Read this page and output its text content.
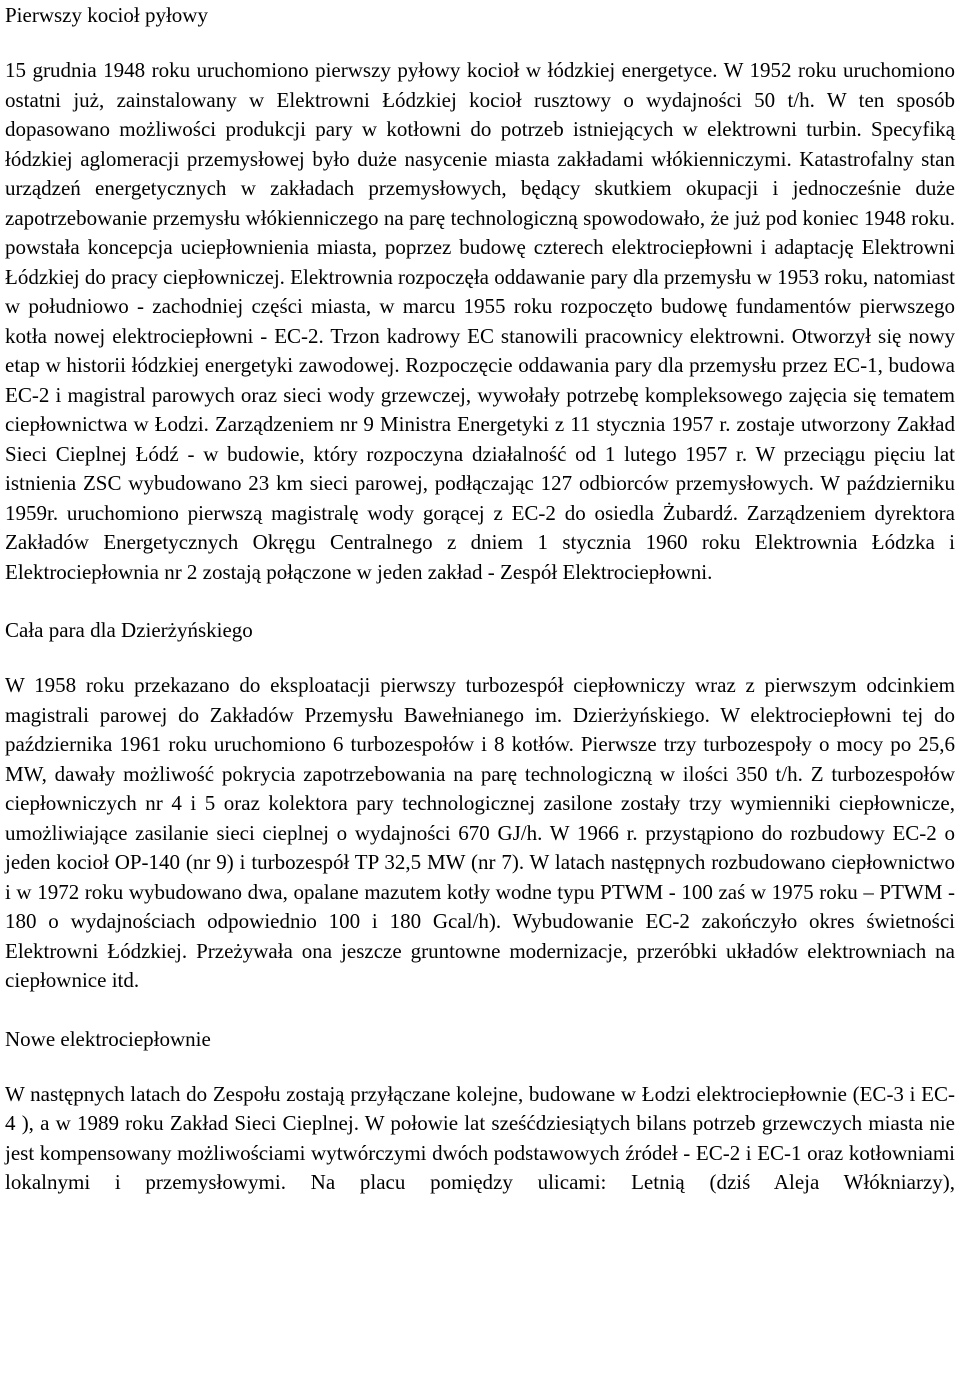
Pierwszy kocioł pyłowy

15 grudnia 1948 roku uruchomiono pierwszy pyłowy kocioł w łódzkiej energetyce. W 1952 roku uruchomiono ostatni już, zainstalowany w Elektrowni Łódzkiej kocioł rusztowy o wydajności 50 t/h. W ten sposób dopasowano możliwości produkcji pary w kotłowni do potrzeb istniejących w elektrowni turbin. Specyfiką łódzkiej aglomeracji przemysłowej było duże nasycenie miasta zakładami włókienniczymi. Katastrofalny stan urządzeń energetycznych w zakładach przemysłowych, będący skutkiem okupacji i jednocześnie duże zapotrzebowanie przemysłu włókienniczego na parę technologiczną spowodowało, że już pod koniec 1948 roku. powstała koncepcja uciepłownienia miasta, poprzez budowę czterech elektrociepłowni i adaptację Elektrowni Łódzkiej do pracy ciepłowniczej. Elektrownia rozpoczęła oddawanie pary dla przemysłu w 1953 roku, natomiast w południowo - zachodniej części miasta, w marcu 1955 roku rozpoczęto budowę fundamentów pierwszego kotła nowej elektrociepłowni - EC-2. Trzon kadrowy EC stanowili pracownicy elektrowni. Otworzył się nowy etap w historii łódzkiej energetyki zawodowej. Rozpoczęcie oddawania pary dla przemysłu przez EC-1, budowa EC-2 i magistral parowych oraz sieci wody grzewczej, wywołały potrzebę kompleksowego zajęcia się tematem ciepłownictwa w Łodzi. Zarządzeniem nr 9 Ministra Energetyki z 11 stycznia 1957 r. zostaje utworzony Zakład Sieci Cieplnej Łódź - w budowie, który rozpoczyna działalność od 1 lutego 1957 r. W przeciągu pięciu lat istnienia ZSC wybudowano 23 km sieci parowej, podłączając 127 odbiorców przemysłowych. W październiku 1959r. uruchomiono pierwszą magistralę wody gorącej z EC-2 do osiedla Żubardź. Zarządzeniem dyrektora Zakładów Energetycznych Okręgu Centralnego z dniem 1 stycznia 1960 roku Elektrownia Łódzka i Elektrociepłownia nr 2 zostają połączone w jeden zakład - Zespół Elektrociepłowni.

Cała para dla Dzierżyńskiego

W 1958 roku przekazano do eksploatacji pierwszy turbozespół ciepłowniczy wraz z pierwszym odcinkiem magistrali parowej do Zakładów Przemysłu Bawełnianego im. Dzierżyńskiego. W elektrociepłowni tej do października 1961 roku uruchomiono 6 turbozespołów i 8 kotłów. Pierwsze trzy turbozespoły o mocy po 25,6 MW, dawały możliwość pokrycia zapotrzebowania na parę technologiczną w ilości 350 t/h. Z turbozespołów ciepłowniczych nr 4 i 5 oraz kolektora pary technologicznej zasilone zostały trzy wymienniki ciepłownicze, umożliwiające zasilanie sieci cieplnej o wydajności 670 GJ/h. W 1966 r. przystąpiono do rozbudowy EC-2 o jeden kocioł OP-140 (nr 9) i turbozespół TP 32,5 MW (nr 7). W latach następnych rozbudowano ciepłownictwo i w 1972 roku wybudowano dwa, opalane mazutem kotły wodne typu PTWM - 100 zaś w 1975 roku – PTWM - 180 o wydajnościach odpowiednio 100 i 180 Gcal/h). Wybudowanie EC-2 zakończyło okres świetności Elektrowni Łódzkiej. Przeżywała ona jeszcze gruntowne modernizacje, przeróbki układów elektrowniach na ciepłownice itd.

Nowe elektrociepłownie

W następnych latach do Zespołu zostają przyłączane kolejne, budowane w Łodzi elektrociepłownie (EC-3 i EC-4 ), a w 1989 roku Zakład Sieci Cieplnej. W połowie lat sześćdziesiątych bilans potrzeb grzewczych miasta nie jest kompensowany możliwościami wytwórczymi dwóch podstawowych źródeł - EC-2 i EC-1 oraz kotłowniami lokalnymi i przemysłowymi. Na placu pomiędzy ulicami: Letnią (dziś Aleja Włókniarzy),
